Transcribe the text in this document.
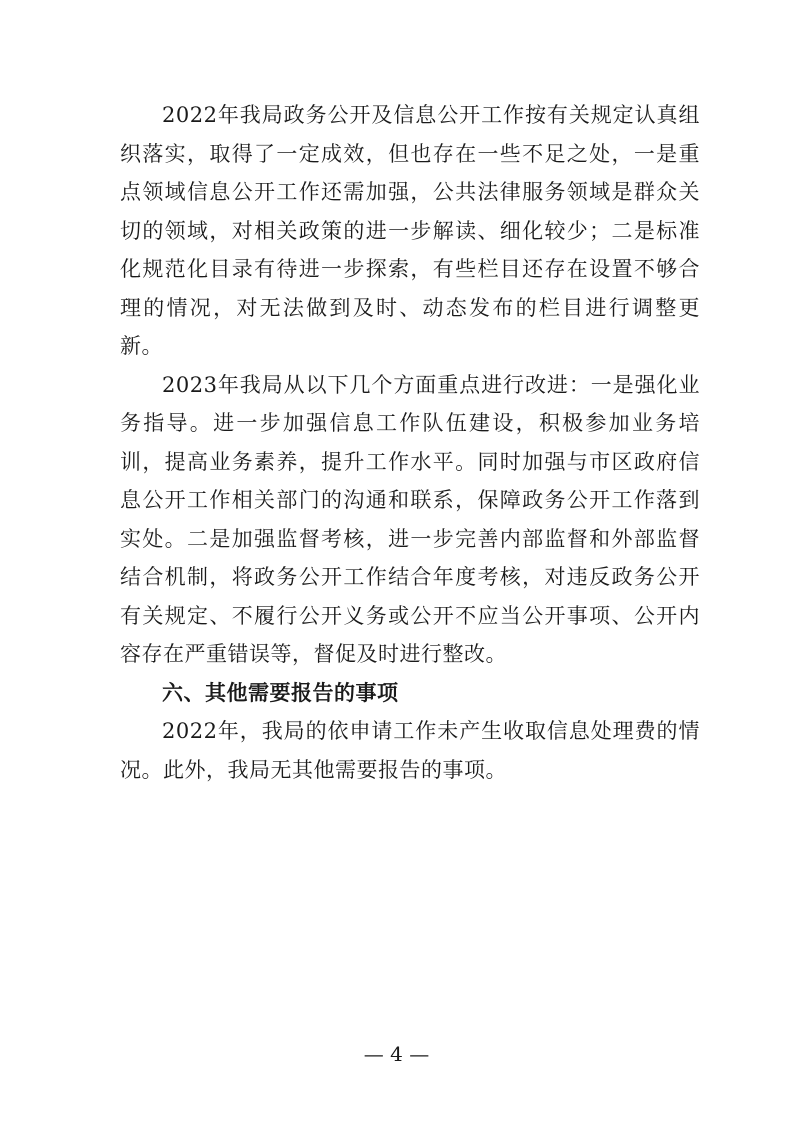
2022年我局政务公开及信息公开工作按有关规定认真组织落实，取得了一定成效，但也存在一些不足之处，一是重点领域信息公开工作还需加强，公共法律服务领域是群众关切的领域，对相关政策的进一步解读、细化较少；二是标准化规范化目录有待进一步探索，有些栏目还存在设置不够合理的情况，对无法做到及时、动态发布的栏目进行调整更新。

2023年我局从以下几个方面重点进行改进：一是强化业务指导。进一步加强信息工作队伍建设，积极参加业务培训，提高业务素养，提升工作水平。同时加强与市区政府信息公开工作相关部门的沟通和联系，保障政务公开工作落到实处。二是加强监督考核，进一步完善内部监督和外部监督结合机制，将政务公开工作结合年度考核，对违反政务公开有关规定、不履行公开义务或公开不应当公开事项、公开内容存在严重错误等，督促及时进行整改。

六、其他需要报告的事项

2022年，我局的依申请工作未产生收取信息处理费的情况。此外，我局无其他需要报告的事项。

— 4 —
